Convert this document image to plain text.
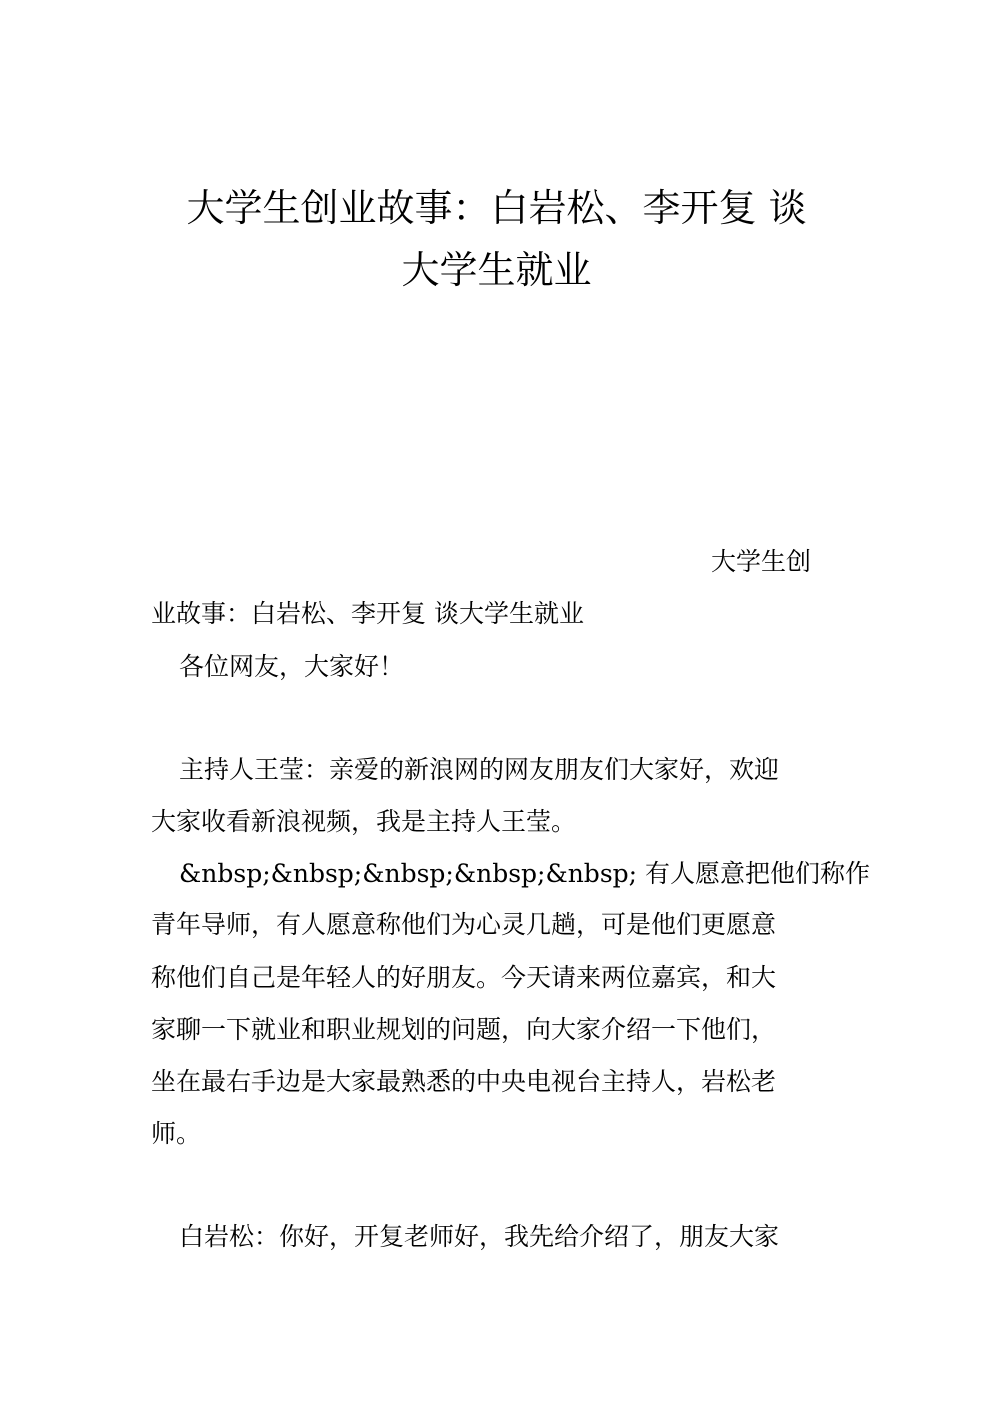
大学生创业故事：白岩松、李开复 谈
大学生就业
大学生创
业故事：白岩松、李开复 谈大学生就业
各位网友，大家好！
主持人王莹：亲爱的新浪网的网友朋友们大家好，欢迎
大家收看新浪视频，我是主持人王莹。
&nbsp;&nbsp;&nbsp;&nbsp;&nbsp; 有人愿意把他们称作
青年导师，有人愿意称他们为心灵几趟，可是他们更愿意
称他们自己是年轻人的好朋友。今天请来两位嘉宾，和大
家聊一下就业和职业规划的问题，向大家介绍一下他们，
坐在最右手边是大家最熟悉的中央电视台主持人，岩松老
师。
白岩松：你好，开复老师好，我先给介绍了，朋友大家
